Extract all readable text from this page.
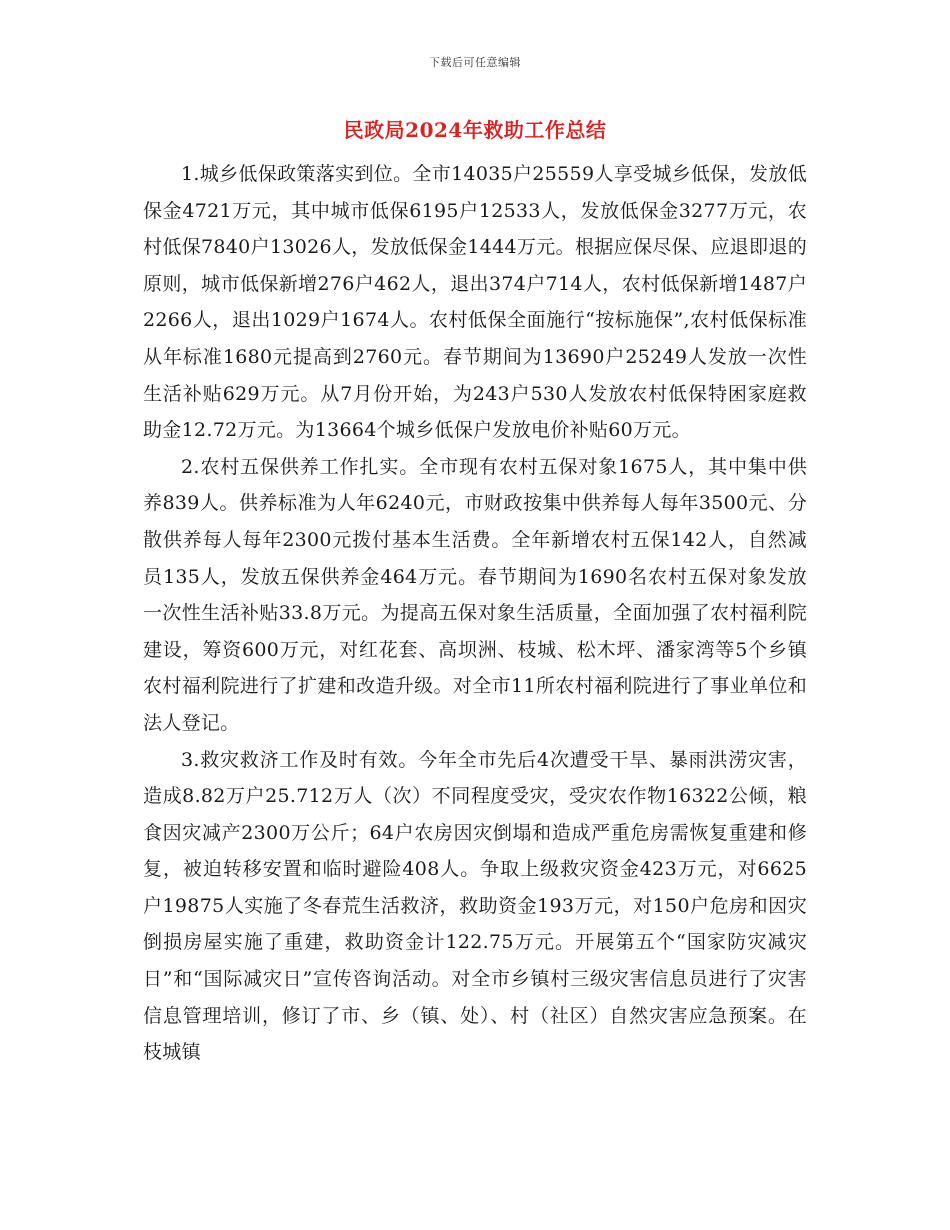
下载后可任意编辑
民政局2024年救助工作总结

1.城乡低保政策落实到位。全市14035户25559人享受城乡低保，发放低保金4721万元，其中城市低保6195户12533人，发放低保金3277万元，农村低保7840户13026人，发放低保金1444万元。根据应保尽保、应退即退的原则，城市低保新增276户462人，退出374户714人，农村低保新增1487户2266人，退出1029户1674人。农村低保全面施行“按标施保”,农村低保标准从年标准1680元提高到2760元。春节期间为13690户25249人发放一次性生活补贴629万元。从7月份开始，为243户530人发放农村低保特困家庭救助金12.72万元。为13664个城乡低保户发放电价补贴60万元。

2.农村五保供养工作扎实。全市现有农村五保对象1675人，其中集中供养839人。供养标准为人年6240元，市财政按集中供养每人每年3500元、分散供养每人每年2300元拨付基本生活费。全年新增农村五保142人，自然减员135人，发放五保供养金464万元。春节期间为1690名农村五保对象发放一次性生活补贴33.8万元。为提高五保对象生活质量，全面加强了农村福利院建设，筹资600万元，对红花套、高坝洲、枝城、松木坪、潘家湾等5个乡镇农村福利院进行了扩建和改造升级。对全市11所农村福利院进行了事业单位和法人登记。

3.救灾救济工作及时有效。今年全市先后4次遭受干旱、暴雨洪涝灾害，造成8.82万户25.712万人（次）不同程度受灾，受灾农作物16322公倾，粮食因灾减产2300万公斤；64户农房因灾倒塌和造成严重危房需恢复重建和修复，被迫转移安置和临时避险408人。争取上级救灾资金423万元，对6625户19875人实施了冬春荒生活救济，救助资金193万元，对150户危房和因灾倒损房屋实施了重建，救助资金计122.75万元。开展第五个“国家防灾减灾日”和“国际减灾日”宣传咨询活动。对全市乡镇村三级灾害信息员进行了灾害信息管理培训，修订了市、乡（镇、处）、村（社区）自然灾害应急预案。在枝城镇
